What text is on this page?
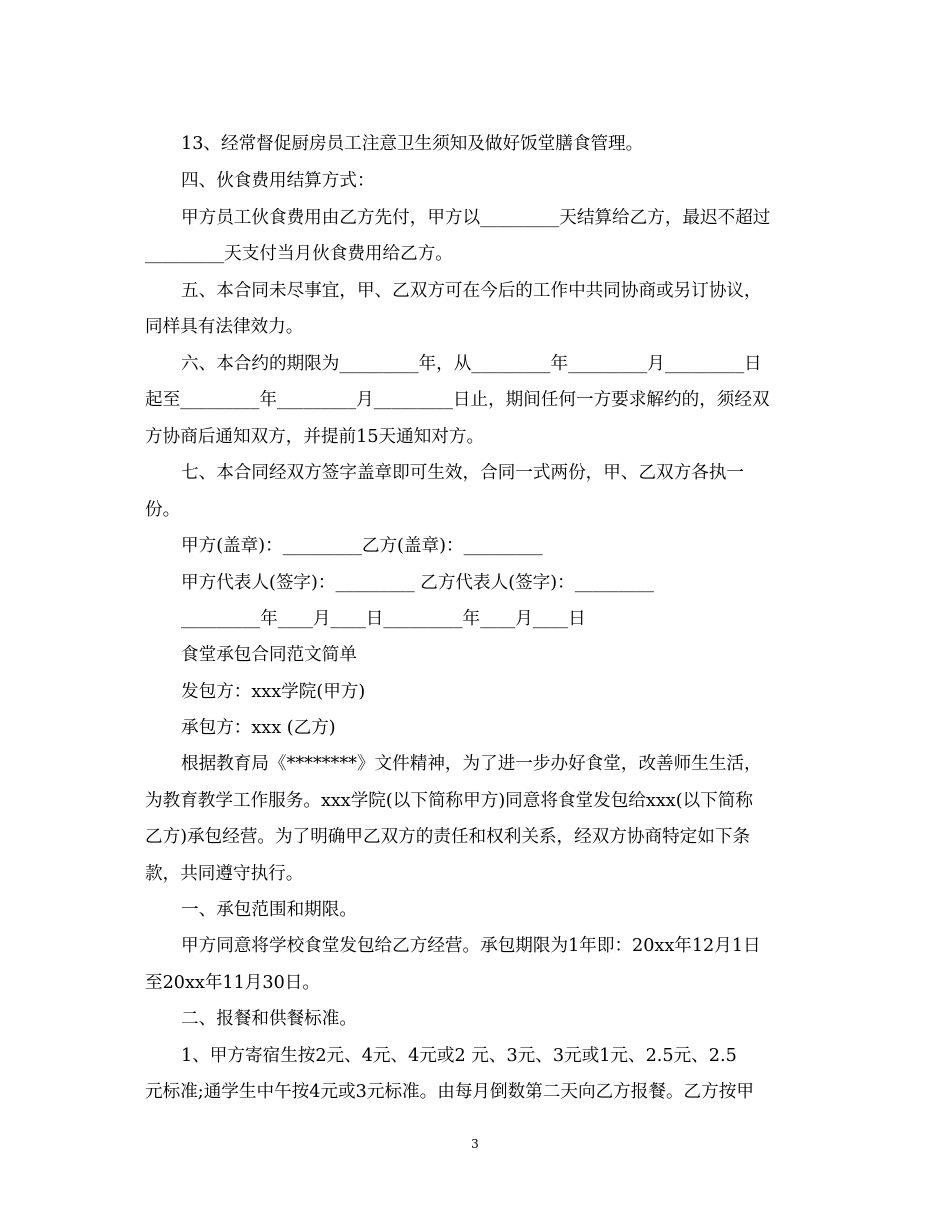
13、经常督促厨房员工注意卫生须知及做好饭堂膳食管理。
四、伙食费用结算方式：
甲方员工伙食费用由乙方先付，甲方以_________天结算给乙方，最迟不超过
_________天支付当月伙食费用给乙方。
五、本合同未尽事宜，甲、乙双方可在今后的工作中共同协商或另订协议，
同样具有法律效力。
六、本合约的期限为_________年，从_________年_________月_________日
起至_________年_________月_________日止，期间任何一方要求解约的，须经双
方协商后通知双方，并提前15天通知对方。
七、本合同经双方签字盖章即可生效，合同一式两份，甲、乙双方各执一
份。
甲方(盖章)：_________乙方(盖章)：_________
甲方代表人(签字)：_________ 乙方代表人(签字)：_________
_________年____月____日_________年____月____日
食堂承包合同范文简单
发包方：xxx学院(甲方)
承包方：xxx (乙方)
根据教育局《********》文件精神，为了进一步办好食堂，改善师生生活，
为教育教学工作服务。xxx学院(以下简称甲方)同意将食堂发包给xxx(以下简称
乙方)承包经营。为了明确甲乙双方的责任和权利关系，经双方协商特定如下条
款，共同遵守执行。
一、承包范围和期限。
甲方同意将学校食堂发包给乙方经营。承包期限为1年即：20xx年12月1日
至20xx年11月30日。
二、报餐和供餐标准。
1、甲方寄宿生按2元、4元、4元或2 元、3元、3元或1元、2.5元、2.5
元标准;通学生中午按4元或3元标准。由每月倒数第二天向乙方报餐。乙方按甲
3
